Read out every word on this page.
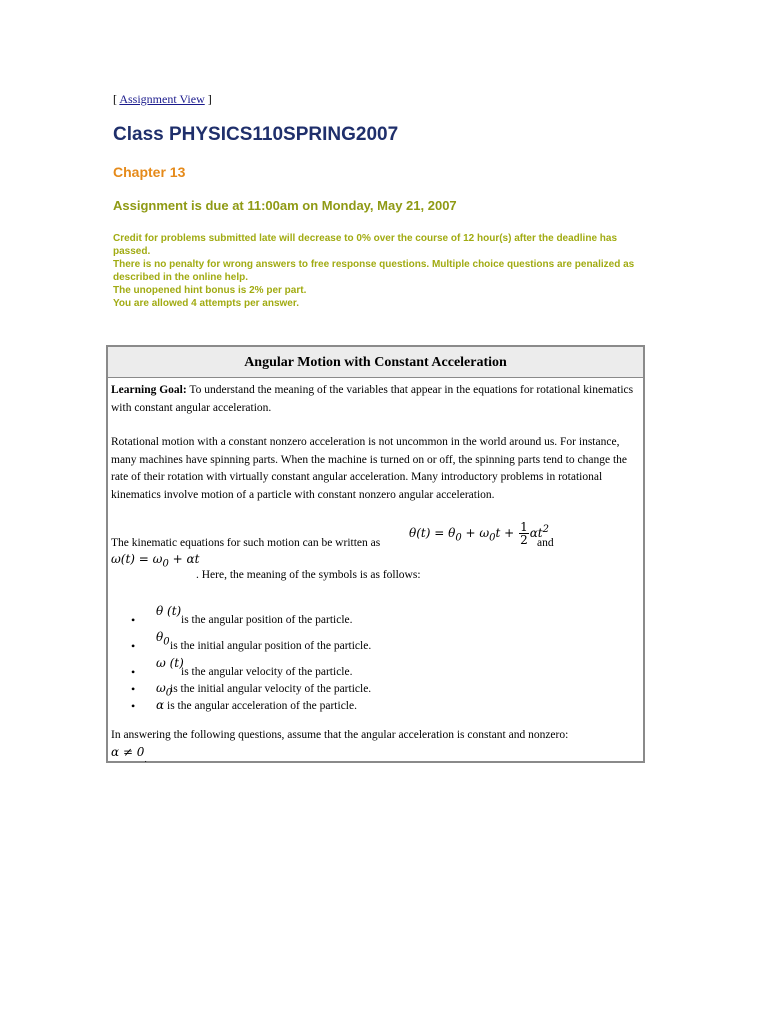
[ Assignment View ]
Class PHYSICS110SPRING2007
Chapter 13
Assignment is due at 11:00am on Monday, May 21, 2007
Credit for problems submitted late will decrease to 0% over the course of 12 hour(s) after the deadline has passed.
There is no penalty for wrong answers to free response questions. Multiple choice questions are penalized as described in the online help.
The unopened hint bonus is 2% per part.
You are allowed 4 attempts per answer.
Angular Motion with Constant Acceleration

Learning Goal: To understand the meaning of the variables that appear in the equations for rotational kinematics with constant angular acceleration.

Rotational motion with a constant nonzero acceleration is not uncommon in the world around us. For instance, many machines have spinning parts. When the machine is turned on or off, the spinning parts tend to change the rate of their rotation with virtually constant angular acceleration. Many introductory problems in rotational kinematics involve motion of a particle with constant nonzero angular acceleration.

$\theta(t) = \theta_0 + \omega_0t + \frac{1}{2} \alpha t^2$
The kinematic equations for such motion can be written as	and
$\omega(t) = \omega_0 + \alpha t$

. Here, the meaning of the symbols is as follows:

• θ (t)
is the angular position of the particle.
• $\theta_0$ is the initial angular position of the particle.
• ω (t)
is the angular velocity of the particle.
• $\omega_0$
is the initial angular velocity of the particle.
• α is the angular acceleration of the particle.

In answering the following questions, assume that the angular acceleration is constant and nonzero:
$\alpha \ne 0_.$
